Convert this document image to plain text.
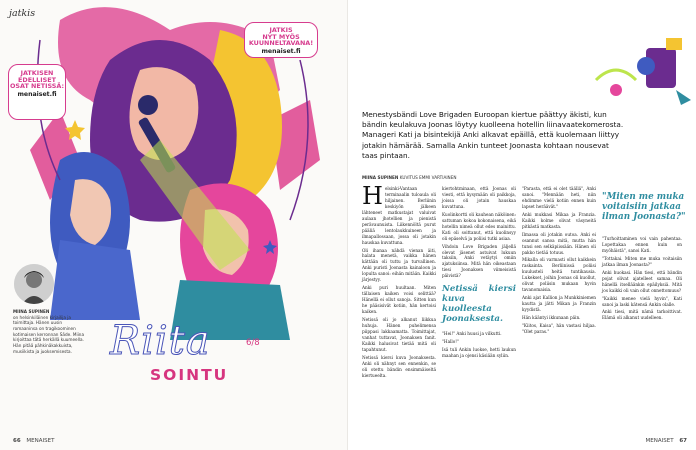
jatkis
JATKIS
NYT MYÖS
KUUNNELTAVANA!
menaiset.fi
JATKISEN
EDELLISET
OSAT NETISSÄ:
menaiset.fi
Riita	6/8
SOINTU
MIINA SUPINEN
on helsinkiläinen kirjailija ja toimittaja. Hänen uusin romaaninsa on tragikoominen kotimaisen kerronnan Säde. Miina kirjoittaa tätä herkällä kuumeella. Hän pitää pähkinäkakkuista, musiikista ja juoksemisesta.
66 MENAISET
Menestysbändi Love Brigaden Euroopan kiertue päättyy äkisti, kun bändin keulakuva Joonas löytyy kuolleena hotellin liinavaatekomerosta. Manageri Kati ja bisintekijä Anki alkavat epäillä, että kuolemaan liittyy jotakin hämärää. Samalla Ankin tunteet Joonasta kohtaan nousevat taas pintaan.
MIINA SUPINEN KUVITUS EMMI VARTIAINEN
H elsinki-Vantaan terminaalin tuloaula oli hiljainen. Berliinin keskiyön jälkeen lähteneet matkustajat valuivat aulaan jhotellien ja pienistä perävaunuista. Liikennöltä purut pääliä lentolaukkuineen ja ilmapallossaan, jossa oli jotakin hauskaa kuvattuna.

Oli ihanaa nähdä vienan äiti, halata menetä, vaikka hänen kättään oli tuttu ja turvallinen. Anki puristi Joonasta kainaloon ja lopulta sanoi: eihän mitään. Kaikki järjestyy.

Anki puri huultaan. Miten tällaisen kaiken voisi selittää? Hänellä ei ollut sanoja. Sitten kun he pääsisivät kotiin, hän kertoisi kaiken.

Netissä oli jo alkanut liikkua huhuja. Hänen puhelimensa piippasi lakkaamatta. Toimittajat, vanhat tuttavat, Joonaksen fanit. Kaikki halusivat tietää mitä oli tapahtunut.

Netissä kiersi kuva Joonaksesta. Anki oli nähnyt sen ennenkin, se oli otettu bändin ensimmäiseltä kiertueelta.

kiertohtminaan, että Joonas oli viesti, että kysymään oli paikkoja, joissa oli jotain hauskaa kuvattuna.

Kuolinkortti oli kauhean näköinen: sattuman kokoa kokonaisena, eikä hotellin nimeä ollut edes mainittu. Kati oli soittanut, että kuolinsyy oli epäselvä ja poliisi tutki asiaa.

Vihdoin Love Brigaden jäljellä olevat jäsenet astuivat lukuun taksiin, Anki vetäytyi omiin ajatuksiinsa. Mitä hän oikeastaan tiesi Joonaksen viimeisistä päivistä?

Netissä kiersi kuva kuolleesta Joonaksesta.

"Hei!" Anki huusi ja vilkutti.

"Hallo!"

Isä tuli Ankin luokse, hetti laukun maahan ja ojensi käsiään syliin.

"Parasta, että ei olet täällä", Anki sanoi. "Mennään heti, niin ehdimme vielä kotiin ennen kuin lapset heräävät."

Anki mukkasi Mikaa ja Franzia. Kaikki kolme olivat väsyneitä pitkästä matkasta.

Ilmassa oli jotakin outoa. Anki ei osannut sanoa mitä, mutta hän tunsi sen selkäpiissään. Hänen oli pakko tietää totuus.

Mikalla oli varmasti ollut kaikkein raskainta. Berliinissä poliisi kuulusteli heitä tuntikausia. Lukekset, joihin Joonas oli kuollut, olivat poliisin mukaan hyvin tavanomaisia.

Anki ajat Kallion ja Munkkiniemen kautta ja jätti Mikan ja Franzin kyydistä.

Hän kääntyi ikkunaan päin.

"Kiitos, Kaisa", hän vastasi hiljaa. "Olet paras."

"Miten me muka voitaisiin jatkaa ilman Joonasta?"

"Turhoittaminen voi vain pahentaa. Lopettakaa ennen kuin on myöhäistä", sanoi Kati.

"Tottakai. Miten me muka voitaisiin jatkaa ilman Joonasta?"

Anki huokasi. Hän tiesi, että bändin pojat olivat ajatelleet samaa. Oli hänellä itselläänkin epäilyksiä. Mitä jos kaikki oli vain ollut onnettomuus?

"Kaikki menee vielä hyvin", Kati sanoi ja laski kätensä Ankin olalle.

Anki tiesi, mitä nämä tarkoittivat. Elämä oli alkanut uudelleen.

MENAISET 67
